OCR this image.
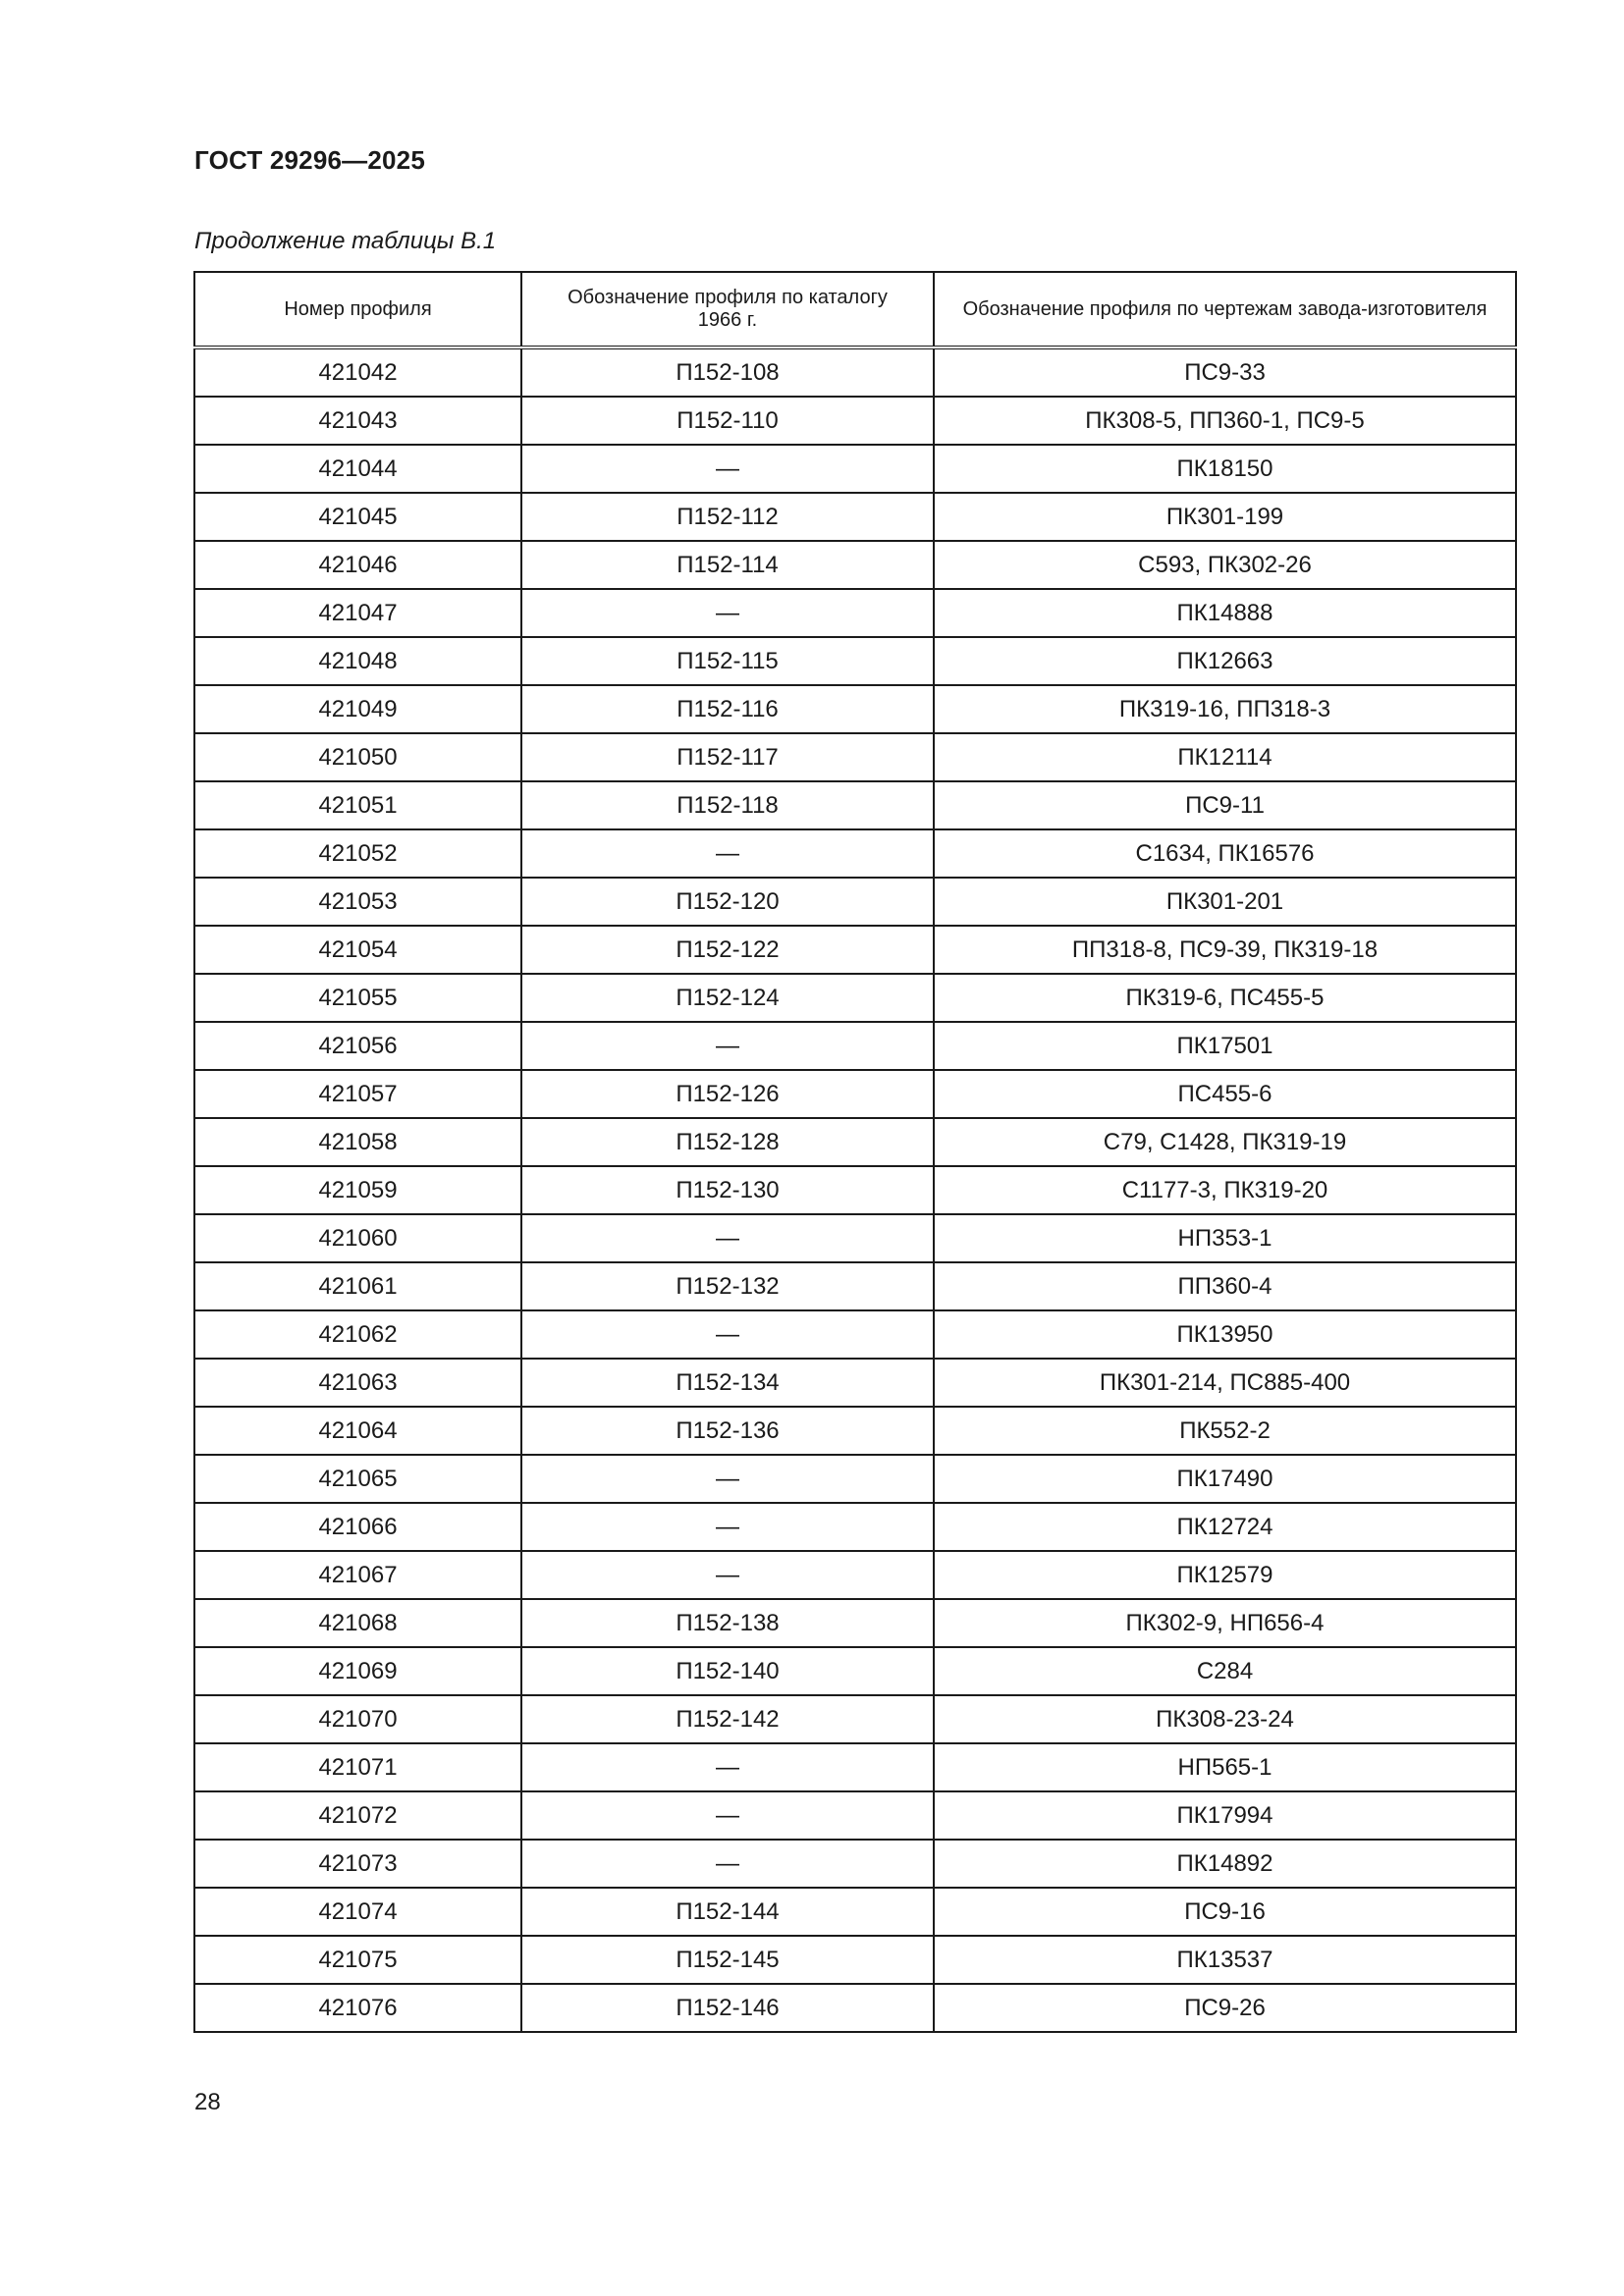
ГОСТ 29296—2025
Продолжение таблицы В.1
Номер профиля	Обозначение профиля по каталогу 1966 г.	Обозначение профиля по чертежам завода-изготовителя
421042	П152-108	ПС9-33
421043	П152-110	ПК308-5, ПП360-1, ПС9-5
421044	—	ПК18150
421045	П152-112	ПК301-199
421046	П152-114	С593, ПК302-26
421047	—	ПК14888
421048	П152-115	ПК12663
421049	П152-116	ПК319-16, ПП318-3
421050	П152-117	ПК12114
421051	П152-118	ПС9-11
421052	—	С1634, ПК16576
421053	П152-120	ПК301-201
421054	П152-122	ПП318-8, ПС9-39, ПК319-18
421055	П152-124	ПК319-6, ПС455-5
421056	—	ПК17501
421057	П152-126	ПС455-6
421058	П152-128	С79, С1428, ПК319-19
421059	П152-130	С1177-3, ПК319-20
421060	—	НП353-1
421061	П152-132	ПП360-4
421062	—	ПК13950
421063	П152-134	ПК301-214, ПС885-400
421064	П152-136	ПК552-2
421065	—	ПК17490
421066	—	ПК12724
421067	—	ПК12579
421068	П152-138	ПК302-9, НП656-4
421069	П152-140	С284
421070	П152-142	ПК308-23-24
421071	—	НП565-1
421072	—	ПК17994
421073	—	ПК14892
421074	П152-144	ПС9-16
421075	П152-145	ПК13537
421076	П152-146	ПС9-26
28
